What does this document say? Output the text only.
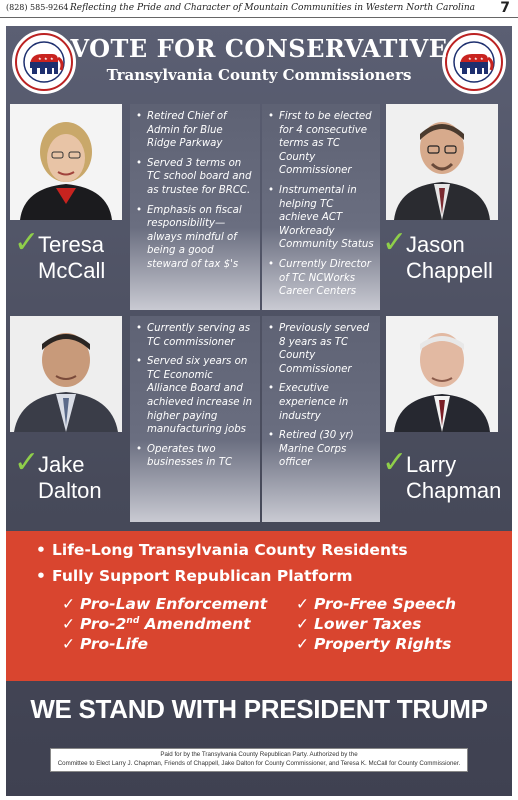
(828) 585-9264 Reflecting the Pride and Character of Mountain Communities in Western North Carolina 7
★ ★ ★	★ ★ ★
VOTE FOR CONSERVATIVE
Transylvania County Commissioners
✓
Teresa
McCall
• Retired Chief of Admin for Blue Ridge Parkway
• Served 3 terms on TC school board and as trustee for BRCC.
• Emphasis on fiscal responsibility—always mindful of being a good steward of tax $'s
• First to be elected for 4 consecutive terms as TC County Commissioner
• Instrumental in helping TC achieve ACT Workready Community Status
• Currently Director of TC NCWorks Career Centers
✓
Jason
Chappell
✓
Jake
Dalton
• Currently serving as TC commissioner
• Served six years on TC Economic Alliance Board and achieved increase in higher paying manufacturing jobs
• Operates two businesses in TC
• Previously served 8 years as TC County Commissioner
• Executive experience in industry
• Retired (30 yr) Marine Corps officer	✓
Larry
Chapman
• Life-Long Transylvania County Residents
• Fully Support Republican Platform
✓ Pro-Law Enforcement ✓ Pro-Free Speech
✓ Pro-2nd Amendment	✓ Lower Taxes
✓ Pro-Life	✓ Property Rights
WE STAND WITH PRESIDENT TRUMP
Paid for by the Transylvania County Republican Party. Authorized by the
Committee to Elect Larry J. Chapman, Friends of Chappell, Jake Dalton for County Commissioner, and Teresa K. McCall for County Commissioner.
